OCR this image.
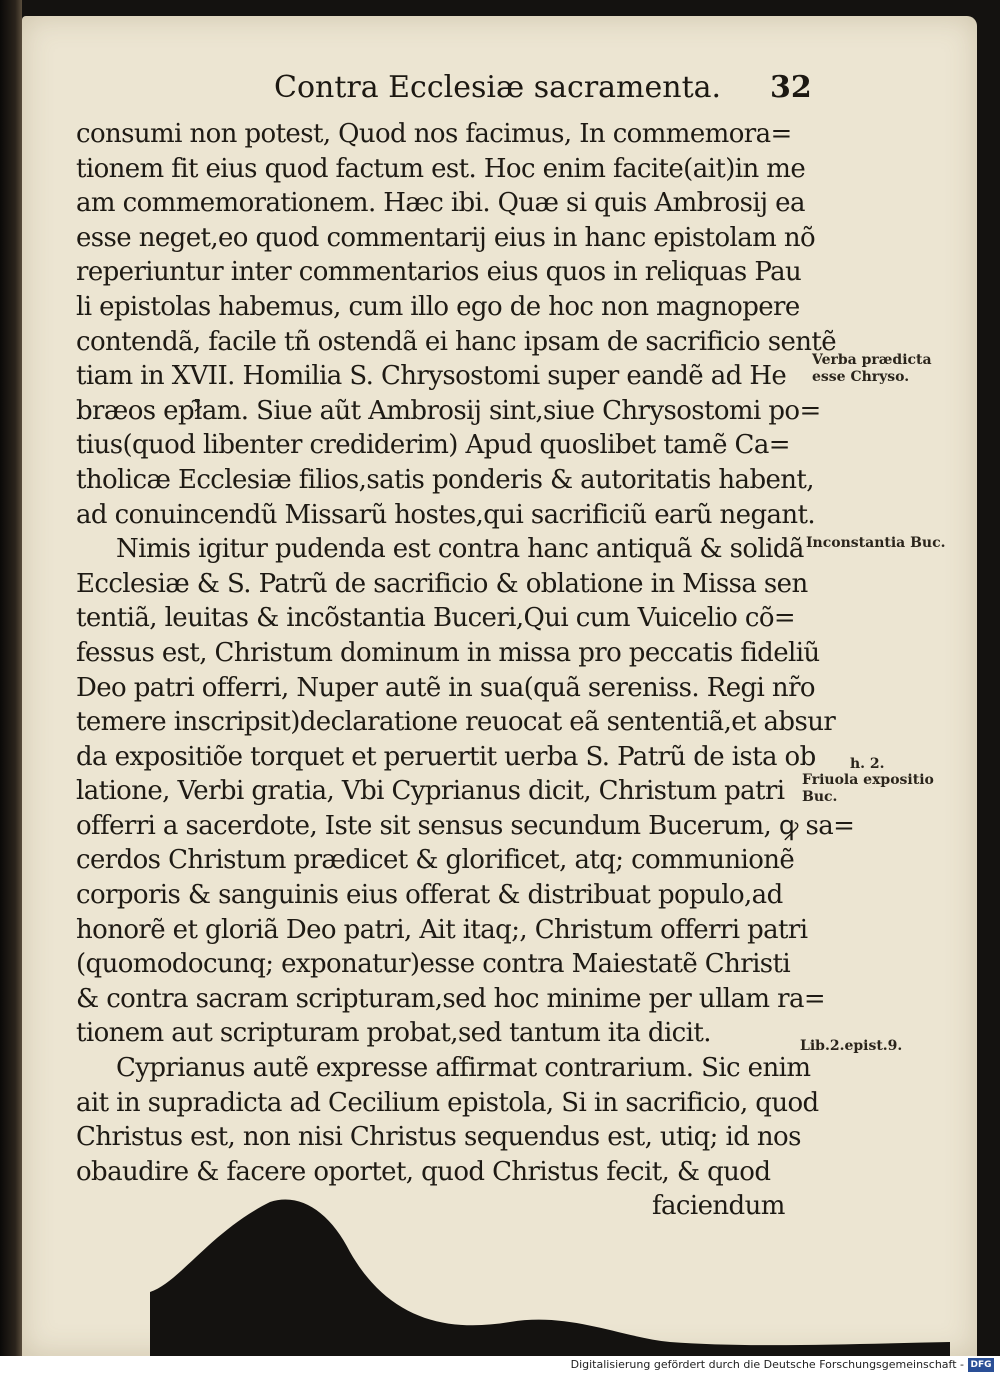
Contra Ecclesiæ sacramenta. 32
consumi non potest, Quod nos facimus, In commemora=
tionem fit eius quod factum est. Hoc enim facite(ait)in me
am commemorationem. Hæc ibi. Quæ si quis Ambrosij ea
esse neget,eo quod commentarij eius in hanc epistolam nõ
reperiuntur inter commentarios eius quos in reliquas Pau
li epistolas habemus, cum illo ego de hoc non magnopere
contendã, facile tñ ostendã ei hanc ipsam de sacrificio sentẽ
tiam in XVII. Homilia S. Chrysostomi super eandẽ ad He
bræos epł̃am. Siue aũt Ambrosij sint,siue Chrysostomi po=
tius(quod libenter crediderim) Apud quoslibet tamẽ Ca=
tholicæ Ecclesiæ filios,satis ponderis & autoritatis habent,
ad conuincendũ Missarũ hostes,qui sacrificiũ earũ negant.
Nimis igitur pudenda est contra hanc antiquã & solidã
Ecclesiæ & S. Patrũ de sacrificio & oblatione in Missa sen
tentiã, leuitas & incõstantia Buceri,Qui cum Vuicelio cõ=
fessus est, Christum dominum in missa pro peccatis fideliũ
Deo patri offerri, Nuper autẽ in sua(quã sereniss. Regi nr̃o
temere inscripsit)declaratione reuocat eã sententiã,et absur
da expositiõe torquet et peruertit uerba S. Patrũ de ista ob
latione, Verbi gratia, Vbi Cyprianus dicit, Christum patri
offerri a sacerdote, Iste sit sensus secundum Bucerum, ꝙ sa=
cerdos Christum prædicet & glorificet, atq; communionẽ
corporis & sanguinis eius offerat & distribuat populo,ad
honorẽ et gloriã Deo patri, Ait itaq;, Christum offerri patri
(quomodocunq; exponatur)esse contra Maiestatẽ Christi
& contra sacram scripturam,sed hoc minime per ullam ra=
tionem aut scripturam probat,sed tantum ita dicit.
Cyprianus autẽ expresse affirmat contrarium. Sic enim
ait in supradicta ad Cecilium epistola, Si in sacrificio, quod
Christus est, non nisi Christus sequendus est, utiq; id nos
obaudire & facere oportet, quod Christus fecit, & quod
faciendum
Verba prædicta
esse Chryso.
Inconstantia Buc.
h. 2.
Friuola expositio
Buc.
Lib.2.epist.9.
Digitalisierung gefördert durch die Deutsche Forschungsgemeinschaft - DFG
